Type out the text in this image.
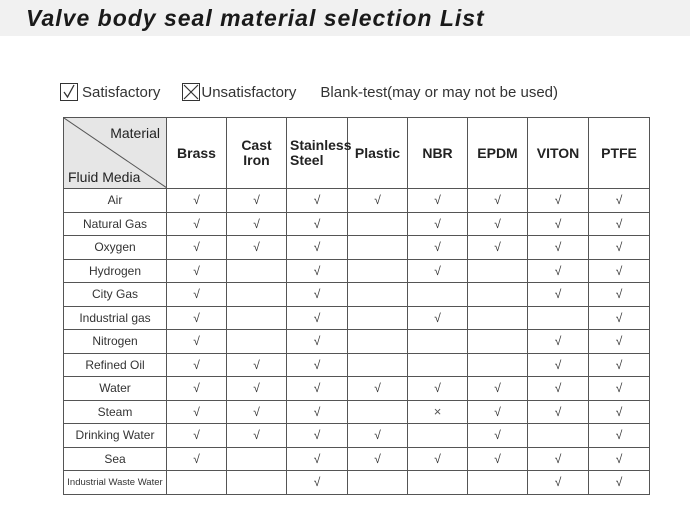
Valve body seal material selection List
Satisfactory ☒ Unsatisfactory Blank-test(may or may not be used)
Material
Fluid Media	Brass	Cast Iron	Stainless Steel	Plastic	NBR	EPDM	VITON	PTFE
Air	√	√	√	√	√	√	√	√
Natural Gas	√	√	√		√	√	√	√
Oxygen	√	√	√		√	√	√	√
Hydrogen	√		√		√		√	√
City Gas	√		√				√	√
Industrial gas	√		√		√			√
Nitrogen	√		√				√	√
Refined Oil	√	√	√				√	√
Water	√	√	√	√	√	√	√	√
Steam	√	√	√		×	√	√	√
Drinking Water	√	√	√	√		√		√
Sea	√		√	√	√	√	√	√
Industrial Waste Water			√				√	√
